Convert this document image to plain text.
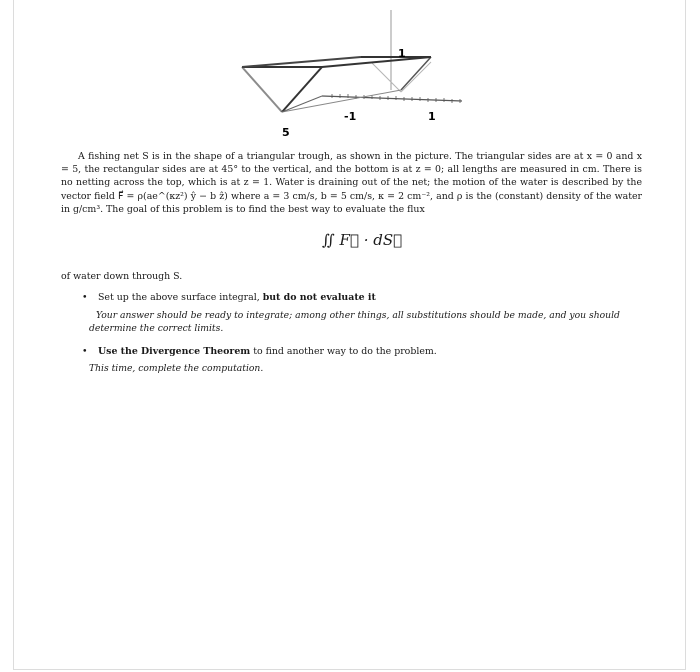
1
-1	1
5

A fishing net S is in the shape of a triangular trough, as shown in the picture. The triangular sides are at x = 0 and x = 5, the rectangular sides are at 45° to the vertical, and the bottom is at z = 0; all lengths are measured in cm. There is no netting across the top, which is at z = 1. Water is draining out of the net; the motion of the water is described by the vector field F⃗ = ρ(ae^(κz²) ŷ − b ẑ) where a = 3 cm/s, b = 5 cm/s, κ = 2 cm⁻², and ρ is the (constant) density of the water in g/cm³. The goal of this problem is to find the best way to evaluate the flux

∬ F⃗ · dS⃗
of water down through S.
• Set up the above surface integral, but do not evaluate it

Your answer should be ready to integrate; among other things, all substitutions should be made, and you should determine the correct limits.

• Use the Divergence Theorem to find another way to do the problem.
This time, complete the computation.
